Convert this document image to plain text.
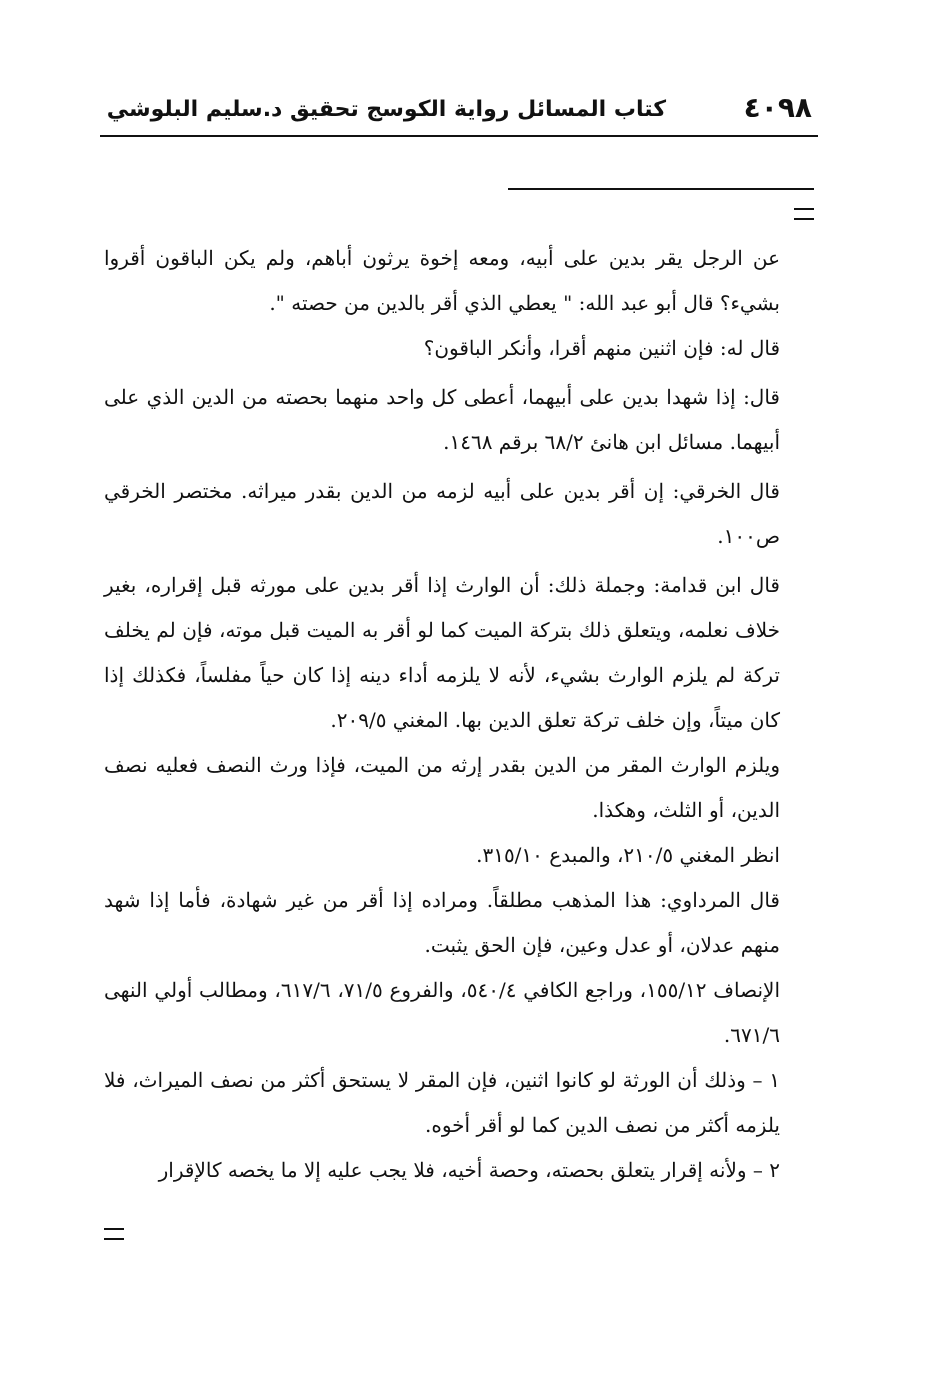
٤٠٩٨
كتاب المسائل رواية الكوسج تحقيق د.سليم البلوشي

عن الرجل يقر بدين على أبيه، ومعه إخوة يرثون أباهم، ولم يكن الباقون أقروا بشيء؟ قال أبو عبد الله: " يعطي الذي أقر بالدين من حصته ".

قال له: فإن اثنين منهم أقرا، وأنكر الباقون؟

قال: إذا شهدا بدين على أبيهما، أعطى كل واحد منهما بحصته من الدين الذي على أبيهما. مسائل ابن هانئ ٦٨/٢ برقم ١٤٦٨.

قال الخرقي: إن أقر بدين على أبيه لزمه من الدين بقدر ميراثه. مختصر الخرقي ص١٠٠.

قال ابن قدامة: وجملة ذلك: أن الوارث إذا أقر بدين على مورثه قبل إقراره، بغير خلاف نعلمه، ويتعلق ذلك بتركة الميت كما لو أقر به الميت قبل موته، فإن لم يخلف تركة لم يلزم الوارث بشيء، لأنه لا يلزمه أداء دينه إذا كان حياً مفلساً، فكذلك إذا كان ميتاً، وإن خلف تركة تعلق الدين بها. المغني ٢٠٩/٥.

ويلزم الوارث المقر من الدين بقدر إرثه من الميت، فإذا ورث النصف فعليه نصف الدين، أو الثلث، وهكذا.

انظر المغني ٢١٠/٥، والمبدع ٣١٥/١٠.

قال المرداوي: هذا المذهب مطلقاً. ومراده إذا أقر من غير شهادة، فأما إذا شهد منهم عدلان، أو عدل وعين، فإن الحق يثبت.

الإنصاف ١٥٥/١٢، وراجع الكافي ٥٤٠/٤، والفروع ٧١/٥، ٦١٧/٦، ومطالب أولي النهى ٦٧١/٦.

١ – وذلك أن الورثة لو كانوا اثنين، فإن المقر لا يستحق أكثر من نصف الميراث، فلا يلزمه أكثر من نصف الدين كما لو أقر أخوه.

٢ – ولأنه إقرار يتعلق بحصته، وحصة أخيه، فلا يجب عليه إلا ما يخصه كالإقرار
